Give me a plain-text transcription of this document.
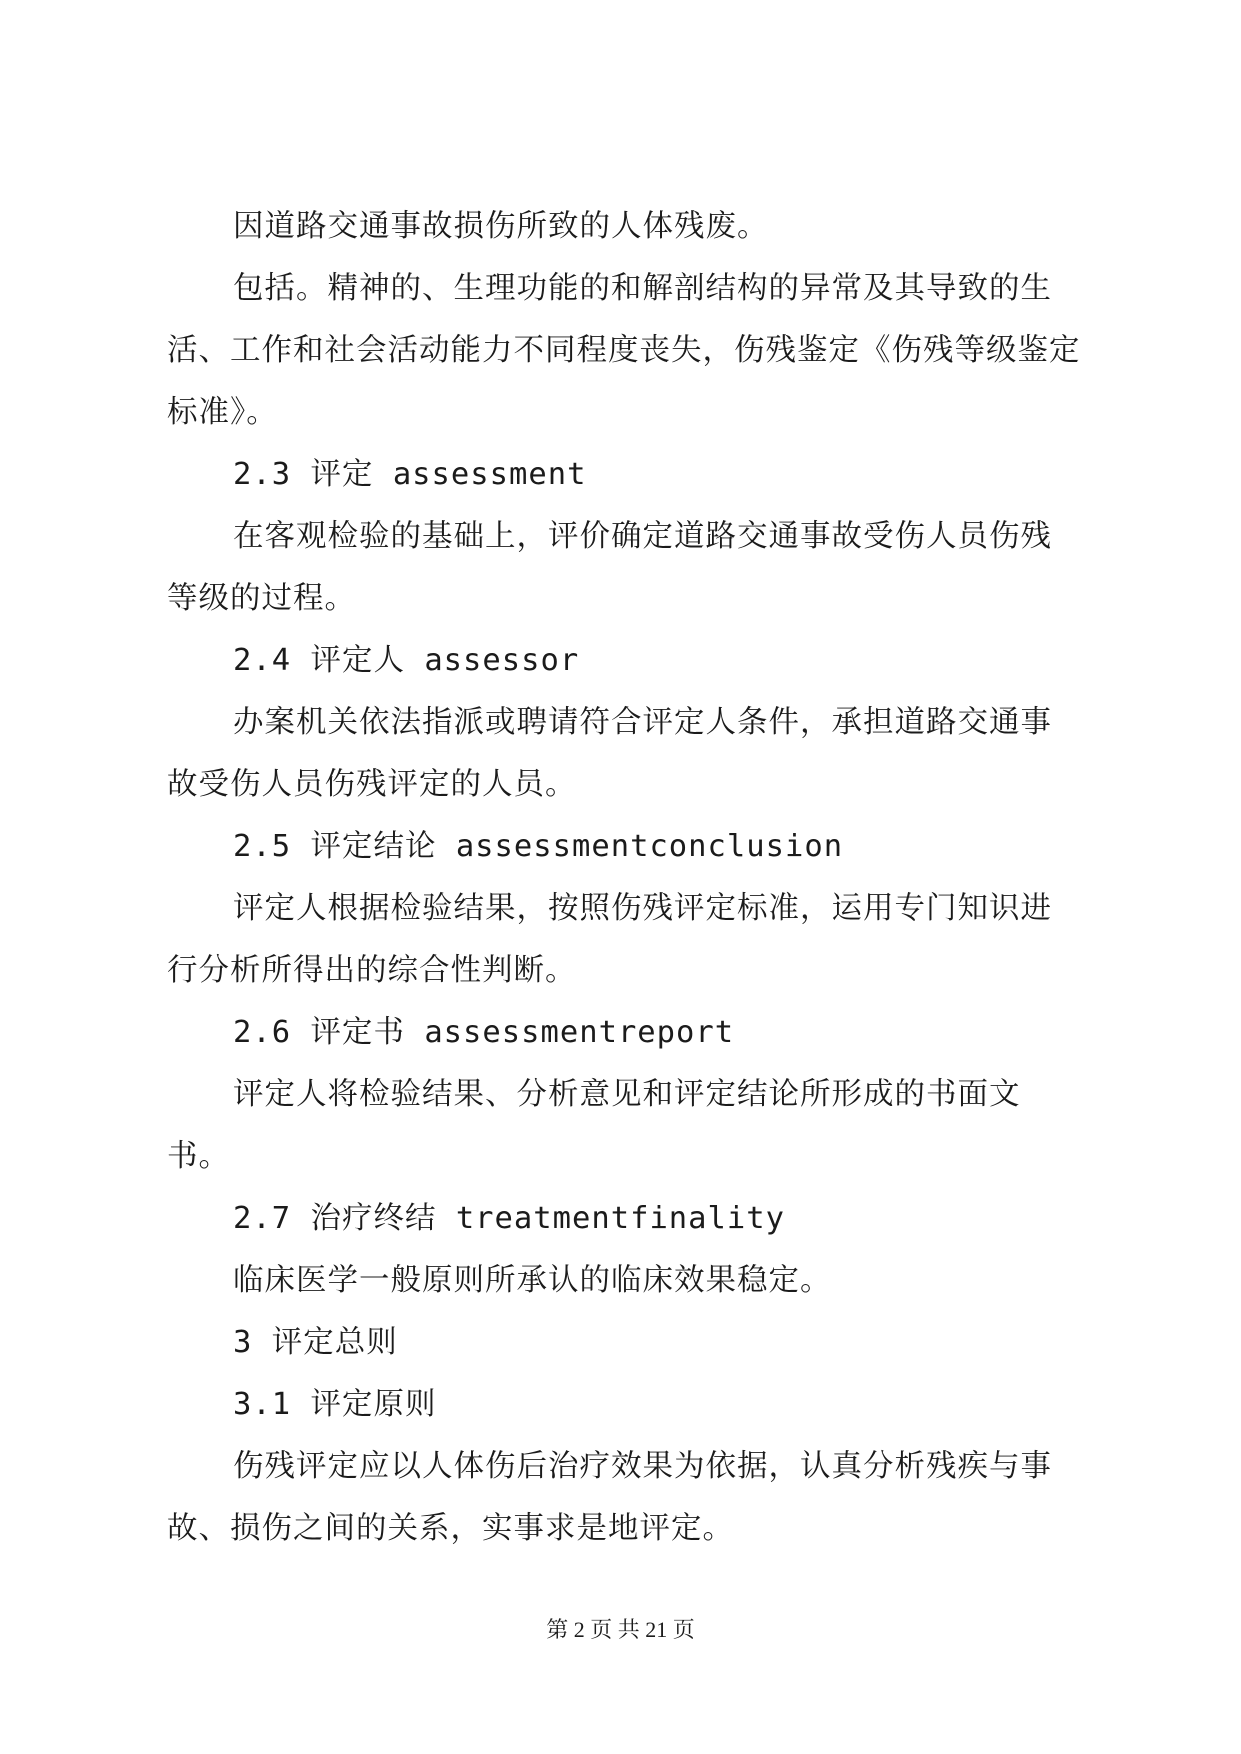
因道路交通事故损伤所致的人体残废。

包括。精神的、生理功能的和解剖结构的异常及其导致的生活、工作和社会活动能力不同程度丧失，伤残鉴定《伤残等级鉴定标准》。

2.3 评定 assessment

在客观检验的基础上，评价确定道路交通事故受伤人员伤残等级的过程。

2.4 评定人 assessor

办案机关依法指派或聘请符合评定人条件，承担道路交通事故受伤人员伤残评定的人员。

2.5 评定结论 assessmentconclusion

评定人根据检验结果，按照伤残评定标准，运用专门知识进行分析所得出的综合性判断。

2.6 评定书 assessmentreport

评定人将检验结果、分析意见和评定结论所形成的书面文书。

2.7 治疗终结 treatmentfinality

临床医学一般原则所承认的临床效果稳定。

3 评定总则

3.1 评定原则

伤残评定应以人体伤后治疗效果为依据，认真分析残疾与事故、损伤之间的关系，实事求是地评定。

第 2 页 共 21 页
